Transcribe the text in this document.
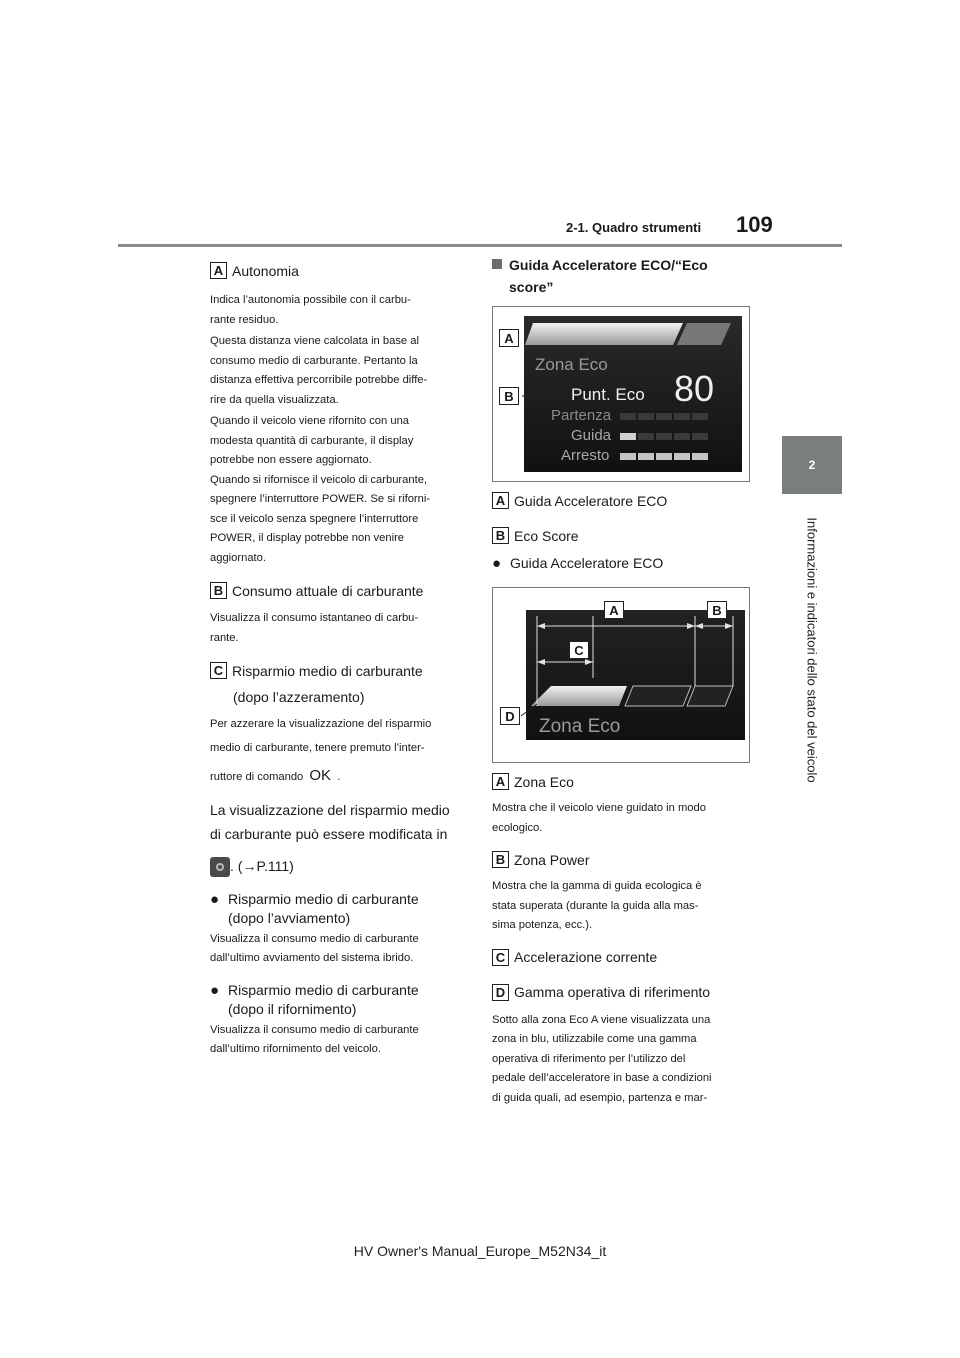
109
2-1. Quadro strumenti
2
Informazioni e indicatori dello stato del veicolo
A Autonomia

Indica l’autonomia possibile con il carbu-

rante residuo.

Questa distanza viene calcolata in base al

consumo medio di carburante. Pertanto la

distanza effettiva percorribile potrebbe diffe-

rire da quella visualizzata.

Quando il veicolo viene rifornito con una

modesta quantità di carburante, il display

potrebbe non essere aggiornato.

Quando si rifornisce il veicolo di carburante,

spegnere l’interruttore POWER. Se si riforni-

sce il veicolo senza spegnere l’interruttore

POWER, il display potrebbe non venire

aggiornato.

B Consumo attuale di carburante

Visualizza il consumo istantaneo di carbu-

rante.

C Risparmio medio di carburante

(dopo l’azzeramento)

Per azzerare la visualizzazione del risparmio

medio di carburante, tenere premuto l’inter-

ruttore di comando OK .

La visualizzazione del risparmio medio

di carburante può essere modificata in

. (→P.111)

● Risparmio medio di carburante
(dopo l’avviamento)

Visualizza il consumo medio di carburante

dall’ultimo avviamento del sistema ibrido.

● Risparmio medio di carburante
(dopo il rifornimento)

Visualizza il consumo medio di carburante

dall’ultimo rifornimento del veicolo.

Guida Acceleratore ECO/“Eco
score”
Zona Eco
Punt. Eco 80
Partenza
Guida
Arresto
A
B
A Guida Acceleratore ECO
B Eco Score
● Guida Acceleratore ECO
Zona Eco
A	B
C
D
A Zona Eco

Mostra che il veicolo viene guidato in modo

ecologico.

B Zona Power

Mostra che la gamma di guida ecologica è

stata superata (durante la guida alla mas-

sima potenza, ecc.).

C Accelerazione corrente
D Gamma operativa di riferimento

Sotto alla zona Eco A viene visualizzata una

zona in blu, utilizzabile come una gamma

operativa di riferimento per l’utilizzo del

pedale dell’acceleratore in base a condizioni

di guida quali, ad esempio, partenza e mar-

HV Owner's Manual_Europe_M52N34_it
